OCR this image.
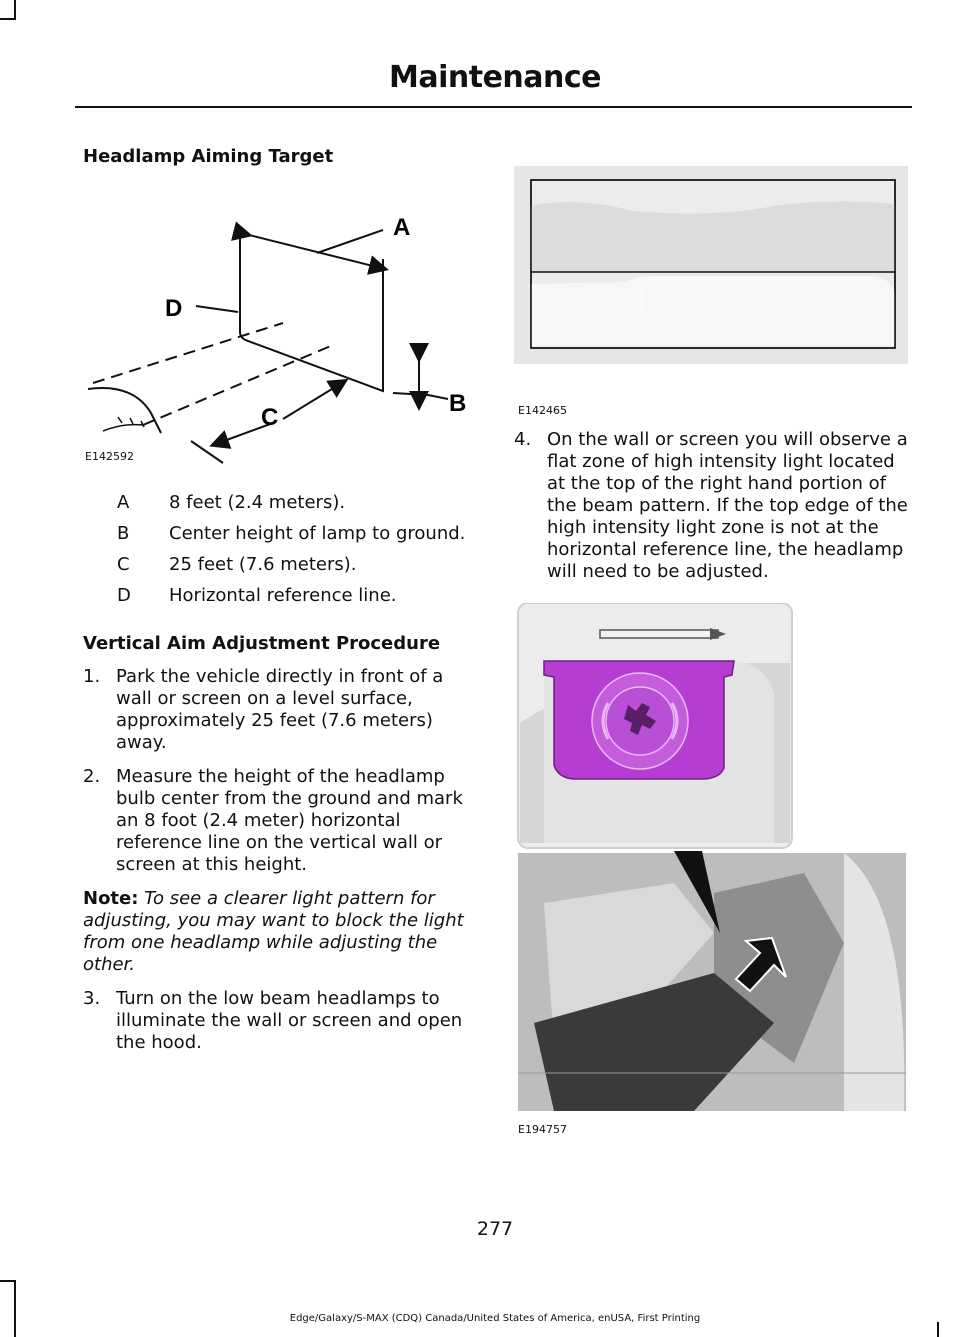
Maintenance
Headlamp Aiming Target
A
D
B
C
E142592
A	8 feet (2.4 meters).
B	Center height of lamp to ground.
C	25 feet (7.6 meters).
D	Horizontal reference line.
Vertical Aim Adjustment Procedure
1. Park the vehicle directly in front of a wall or screen on a level surface, approximately 25 feet (7.6 meters) away.
2. Measure the height of the headlamp bulb center from the ground and mark an 8 foot (2.4 meter) horizontal reference line on the vertical wall or screen at this height.
Note: To see a clearer light pattern for adjusting, you may want to block the light from one headlamp while adjusting the other.
3. Turn on the low beam headlamps to illuminate the wall or screen and open the hood.
E142465
4. On the wall or screen you will observe a flat zone of high intensity light located at the top of the right hand portion of the beam pattern. If the top edge of the high intensity light zone is not at the horizontal reference line, the headlamp will need to be adjusted.
E194757
277
Edge/Galaxy/S-MAX (CDQ) Canada/United States of America, enUSA, First Printing
